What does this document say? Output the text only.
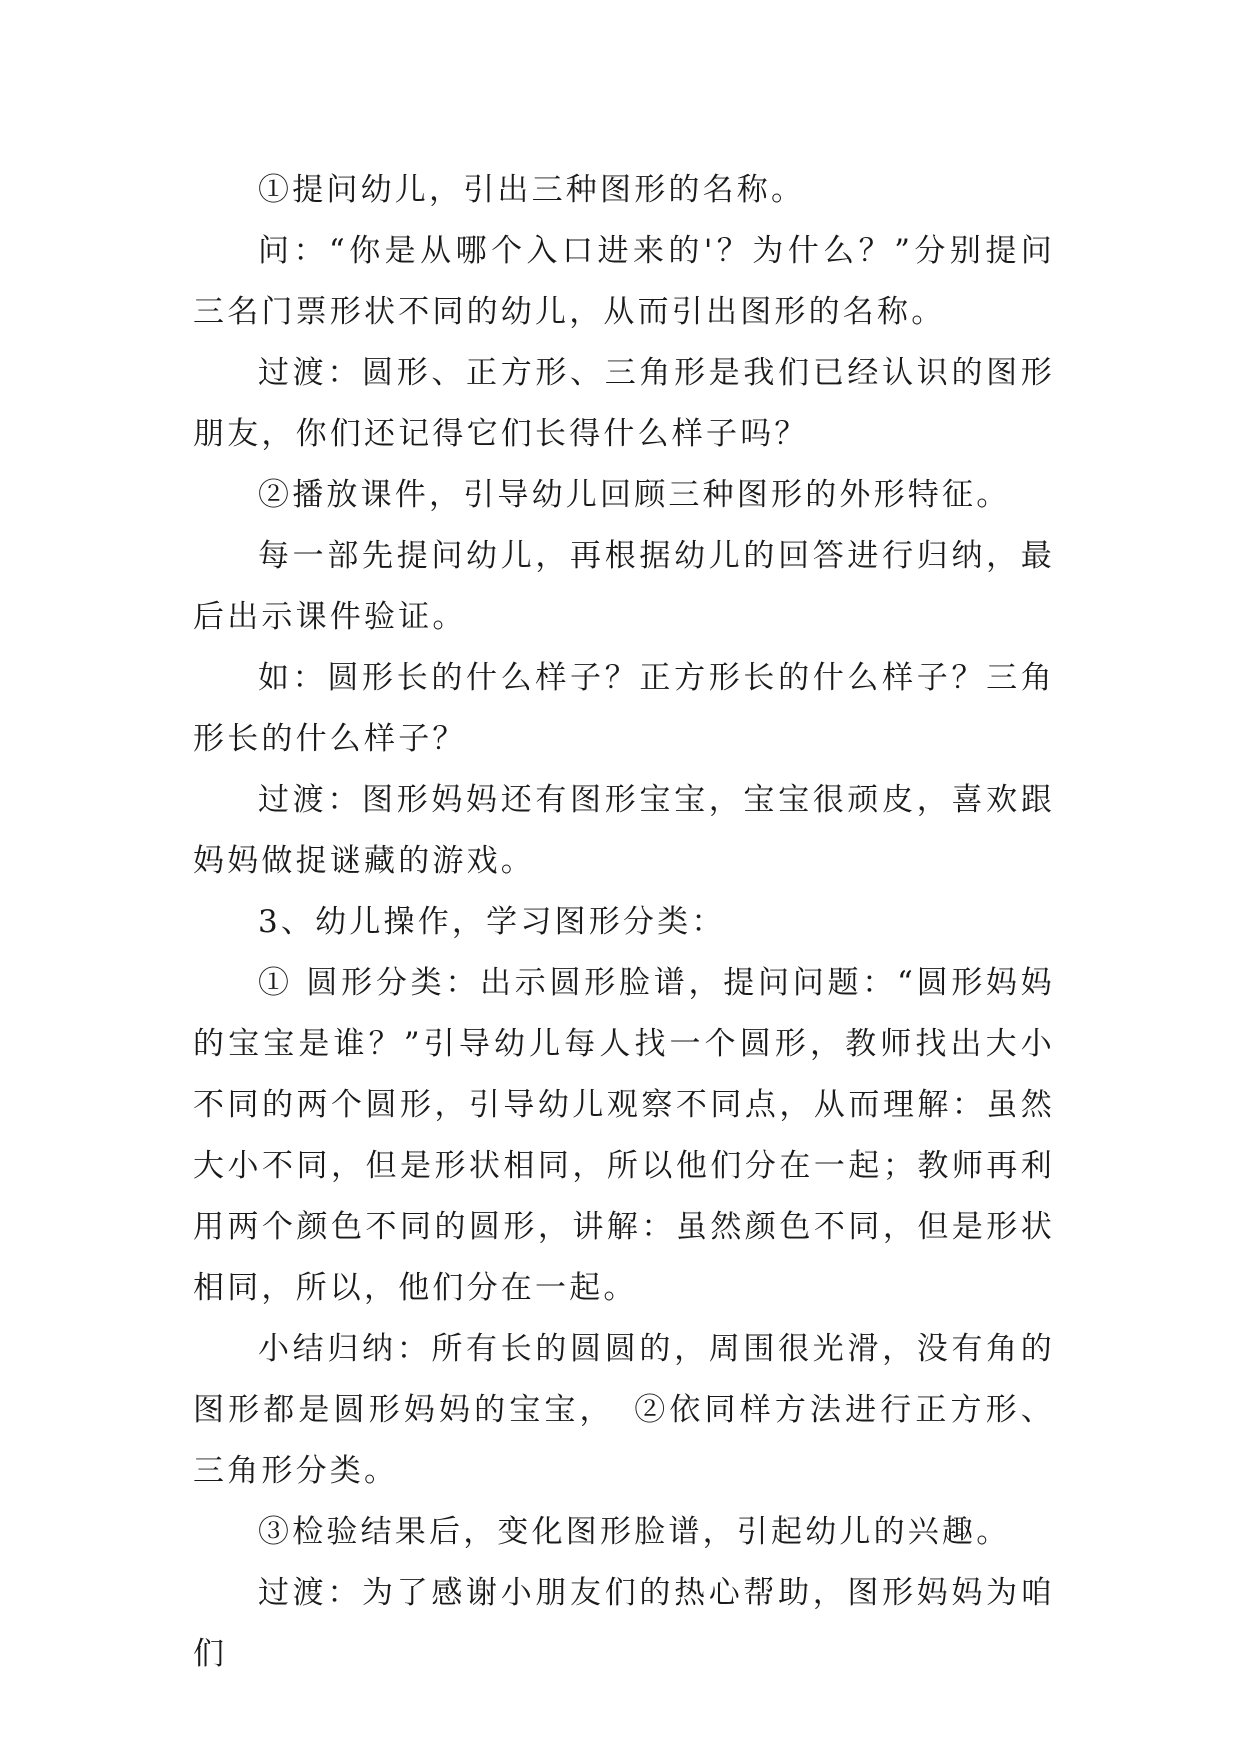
①提问幼儿，引出三种图形的名称。

问：“你是从哪个入口进来的'？为什么？”分别提问三名门票形状不同的幼儿，从而引出图形的名称。

过渡：圆形、正方形、三角形是我们已经认识的图形朋友，你们还记得它们长得什么样子吗？

②播放课件，引导幼儿回顾三种图形的外形特征。

每一部先提问幼儿，再根据幼儿的回答进行归纳，最后出示课件验证。

如：圆形长的什么样子？正方形长的什么样子？三角形长的什么样子？

过渡：图形妈妈还有图形宝宝，宝宝很顽皮，喜欢跟妈妈做捉谜藏的游戏。

3、幼儿操作，学习图形分类：

① 圆形分类：出示圆形脸谱，提问问题：“圆形妈妈的宝宝是谁？”引导幼儿每人找一个圆形，教师找出大小不同的两个圆形，引导幼儿观察不同点，从而理解：虽然大小不同，但是形状相同，所以他们分在一起；教师再利用两个颜色不同的圆形，讲解：虽然颜色不同，但是形状相同，所以，他们分在一起。

小结归纳：所有长的圆圆的，周围很光滑，没有角的图形都是圆形妈妈的宝宝，　②依同样方法进行正方形、三角形分类。

③检验结果后，变化图形脸谱，引起幼儿的兴趣。

过渡：为了感谢小朋友们的热心帮助，图形妈妈为咱们
